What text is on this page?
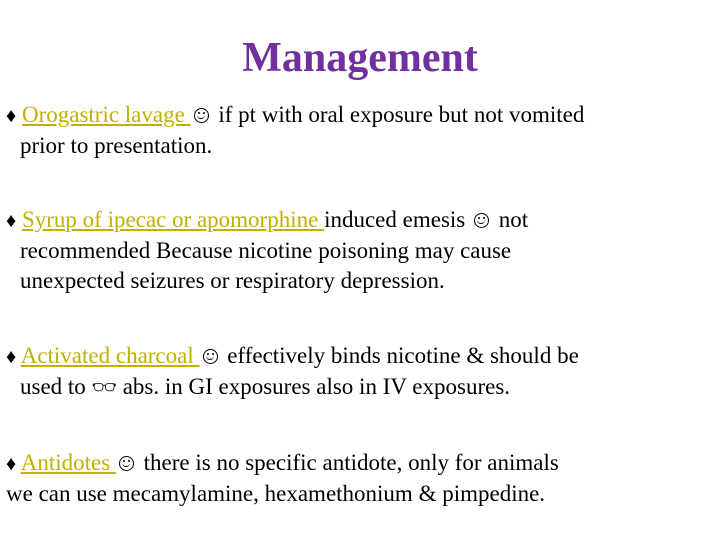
Management
♦ Orogastric lavage  if pt with oral exposure but not vomited
prior to presentation.
♦ Syrup of ipecac or apomorphine induced emesis  not
recommended Because nicotine poisoning may cause
unexpected seizures or respiratory depression.
♦ Activated charcoal  effectively binds nicotine & should be
used to 👓︎ abs. in GI exposures also in IV exposures.
♦ Antidotes  there is no specific antidote, only for animals
we can use mecamylamine, hexamethonium & pimpedine.
